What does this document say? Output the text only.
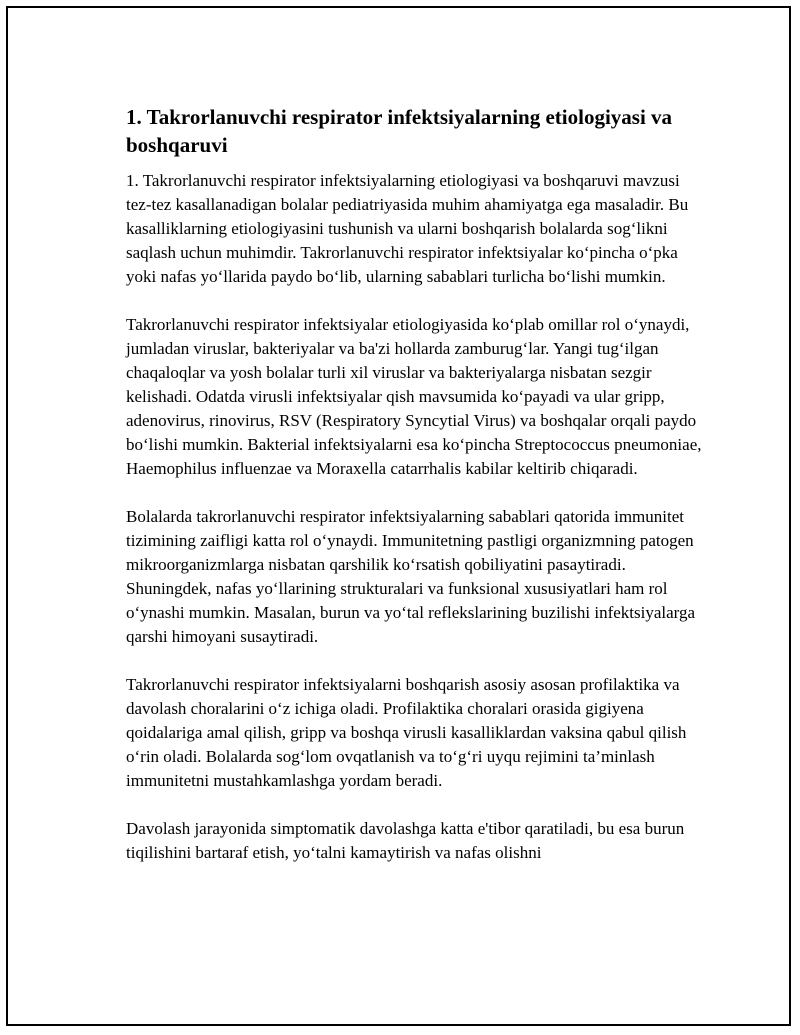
1. Takrorlanuvchi respirator infektsiyalarning etiologiyasi va boshqaruvi

1. Takrorlanuvchi respirator infektsiyalarning etiologiyasi va boshqaruvi mavzusi tez-tez kasallanadigan bolalar pediatriyasida muhim ahamiyatga ega masaladir. Bu kasalliklarning etiologiyasini tushunish va ularni boshqarish bolalarda sog‘likni saqlash uchun muhimdir. Takrorlanuvchi respirator infektsiyalar ko‘pincha o‘pka yoki nafas yo‘llarida paydo bo‘lib, ularning sabablari turlicha bo‘lishi mumkin.

Takrorlanuvchi respirator infektsiyalar etiologiyasida ko‘plab omillar rol o‘ynaydi, jumladan viruslar, bakteriyalar va ba'zi hollarda zamburug‘lar. Yangi tug‘ilgan chaqaloqlar va yosh bolalar turli xil viruslar va bakteriyalarga nisbatan sezgir kelishadi. Odatda virusli infektsiyalar qish mavsumida ko‘payadi va ular gripp, adenovirus, rinovirus, RSV (Respiratory Syncytial Virus) va boshqalar orqali paydo bo‘lishi mumkin. Bakterial infektsiyalarni esa ko‘pincha Streptococcus pneumoniae, Haemophilus influenzae va Moraxella catarrhalis kabilar keltirib chiqaradi.

Bolalarda takrorlanuvchi respirator infektsiyalarning sabablari qatorida immunitet tizimining zaifligi katta rol o‘ynaydi. Immunitetning pastligi organizmning patogen mikroorganizmlarga nisbatan qarshilik ko‘rsatish qobiliyatini pasaytiradi. Shuningdek, nafas yo‘llarining strukturalari va funksional xususiyatlari ham rol o‘ynashi mumkin. Masalan, burun va yo‘tal reflekslarining buzilishi infektsiyalarga qarshi himoyani susaytiradi.

Takrorlanuvchi respirator infektsiyalarni boshqarish asosiy asosan profilaktika va davolash choralarini o‘z ichiga oladi. Profilaktika choralari orasida gigiyena qoidalariga amal qilish, gripp va boshqa virusli kasalliklardan vaksina qabul qilish o‘rin oladi. Bolalarda sog‘lom ovqatlanish va to‘g‘ri uyqu rejimini ta’minlash immunitetni mustahkamlashga yordam beradi.

Davolash jarayonida simptomatik davolashga katta e'tibor qaratiladi, bu esa burun tiqilishini bartaraf etish, yo‘talni kamaytirish va nafas olishni
